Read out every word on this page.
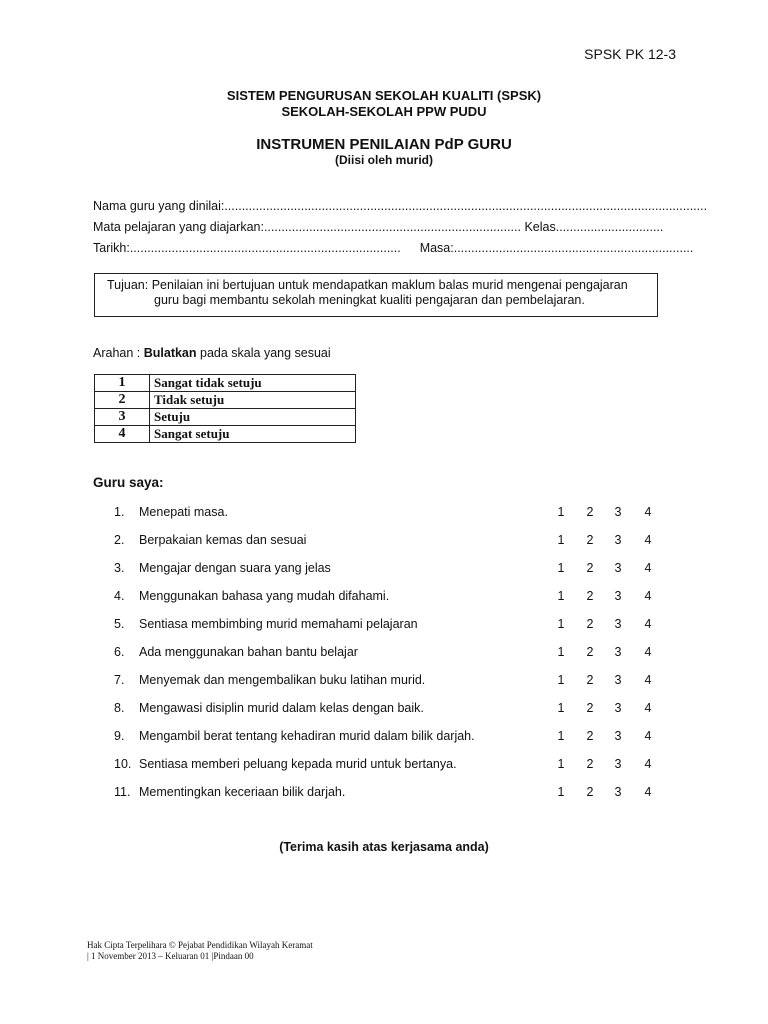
SPSK PK 12-3
SISTEM PENGURUSAN SEKOLAH KUALITI (SPSK)
SEKOLAH-SEKOLAH PPW PUDU
INSTRUMEN PENILAIAN PdP GURU
(Diisi oleh murid)
Nama guru yang dinilai:...........................................................................................................................................
Mata pelajaran yang diajarkan:.......................................................................... Kelas...............................
Tarikh:.............................................................................. Masa:.....................................................................
Tujuan: Penilaian ini bertujuan untuk mendapatkan maklum balas murid mengenai pengajaran
guru bagi membantu sekolah meningkat kualiti pengajaran dan pembelajaran.
Arahan : Bulatkan pada skala yang sesuai
1	Sangat tidak setuju
2	Tidak setuju
3	Setuju
4	Sangat setuju
Guru saya:
1. Menepati masa.	1 2 3 4
2. Berpakaian kemas dan sesuai	1 2 3 4
3. Mengajar dengan suara yang jelas	1 2 3 4
4. Menggunakan bahasa yang mudah difahami.	1 2 3 4
5. Sentiasa membimbing murid memahami pelajaran	1 2 3 4
6. Ada menggunakan bahan bantu belajar	1 2 3 4
7. Menyemak dan mengembalikan buku latihan murid.	1 2 3 4
8. Mengawasi disiplin murid dalam kelas dengan baik.	1 2 3 4
9. Mengambil berat tentang kehadiran murid dalam bilik darjah.	1 2 3 4
10. Sentiasa memberi peluang kepada murid untuk bertanya.	1 2 3 4
11. Mementingkan keceriaan bilik darjah.	1 2 3 4
(Terima kasih atas kerjasama anda)
Hak Cipta Terpelihara © Pejabat Pendidikan Wilayah Keramat
| 1 November 2013 – Keluaran 01 |Pindaan 00
